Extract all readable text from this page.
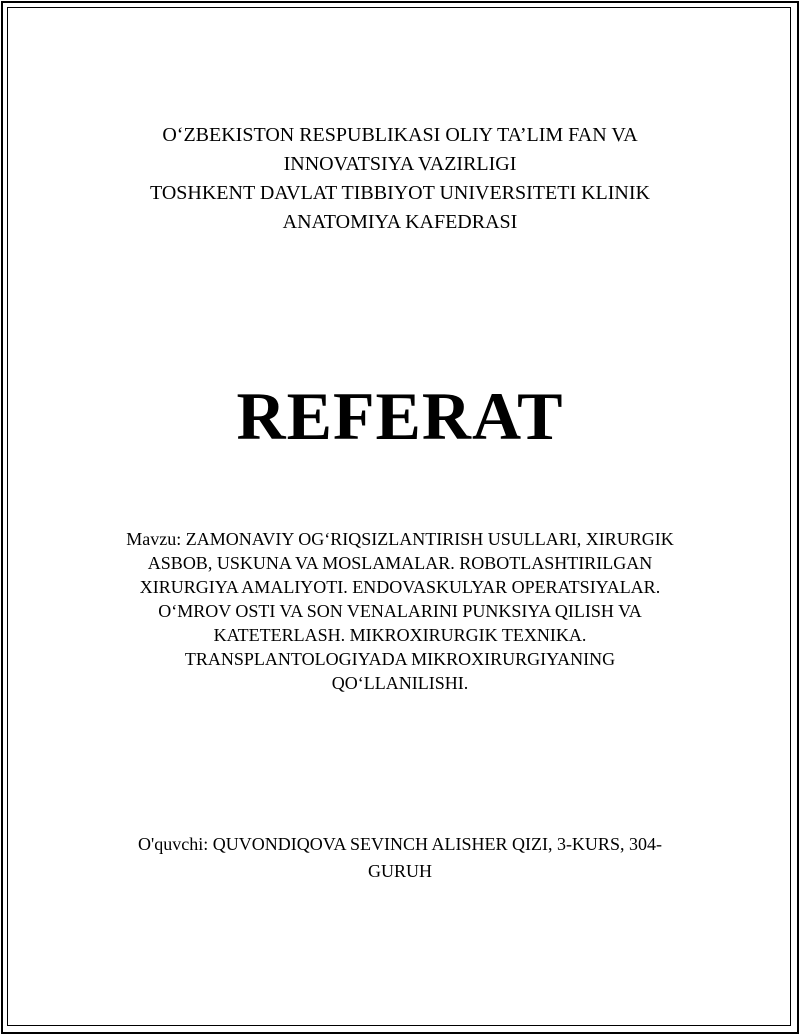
O‘ZBEKISTON RESPUBLIKASI OLIY TA’LIM FAN VA
INNOVATSIYA VAZIRLIGI
TOSHKENT DAVLAT TIBBIYOT UNIVERSITETI KLINIK
ANATOMIYA KAFEDRASI
REFERAT
Mavzu: ZAMONAVIY OG‘RIQSIZLANTIRISH USULLARI, XIRURGIK
ASBOB, USKUNA VA MOSLAMALAR. ROBOTLASHTIRILGAN
XIRURGIYA AMALIYOTI. ENDOVASKULYAR OPERATSIYALAR.
O‘MROV OSTI VA SON VENALARINI PUNKSIYA QILISH VA
KATETERLASH. MIKROXIRURGIK TEXNIKA.
TRANSPLANTOLOGIYADA MIKROXIRURGIYANING
QO‘LLANILISHI.
O'quvchi: QUVONDIQOVA SEVINCH ALISHER QIZI, 3-KURS, 304-
GURUH
